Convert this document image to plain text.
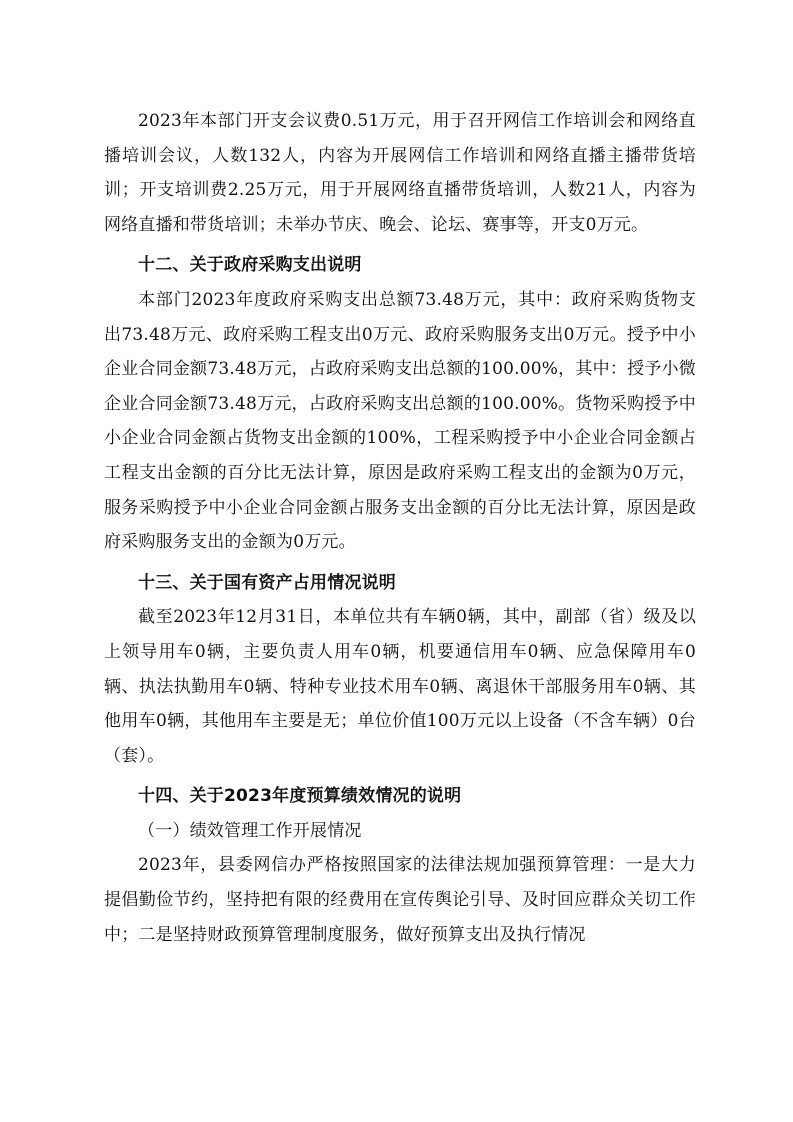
2023年本部门开支会议费0.51万元，用于召开网信工作培训会和网络直播培训会议，人数132人，内容为开展网信工作培训和网络直播主播带货培训；开支培训费2.25万元，用于开展网络直播带货培训，人数21人，内容为网络直播和带货培训；未举办节庆、晚会、论坛、赛事等，开支0万元。

十二、关于政府采购支出说明

本部门2023年度政府采购支出总额73.48万元，其中：政府采购货物支出73.48万元、政府采购工程支出0万元、政府采购服务支出0万元。授予中小企业合同金额73.48万元，占政府采购支出总额的100.00%，其中：授予小微企业合同金额73.48万元，占政府采购支出总额的100.00%。货物采购授予中小企业合同金额占货物支出金额的100%，工程采购授予中小企业合同金额占工程支出金额的百分比无法计算，原因是政府采购工程支出的金额为0万元，服务采购授予中小企业合同金额占服务支出金额的百分比无法计算，原因是政府采购服务支出的金额为0万元。

十三、关于国有资产占用情况说明

截至2023年12月31日，本单位共有车辆0辆，其中，副部（省）级及以上领导用车0辆，主要负责人用车0辆，机要通信用车0辆、应急保障用车0辆、执法执勤用车0辆、特种专业技术用车0辆、离退休干部服务用车0辆、其他用车0辆，其他用车主要是无；单位价值100万元以上设备（不含车辆）0台（套）。

十四、关于2023年度预算绩效情况的说明

（一）绩效管理工作开展情况

2023年，县委网信办严格按照国家的法律法规加强预算管理：一是大力提倡勤俭节约，坚持把有限的经费用在宣传舆论引导、及时回应群众关切工作中；二是坚持财政预算管理制度服务，做好预算支出及执行情况
